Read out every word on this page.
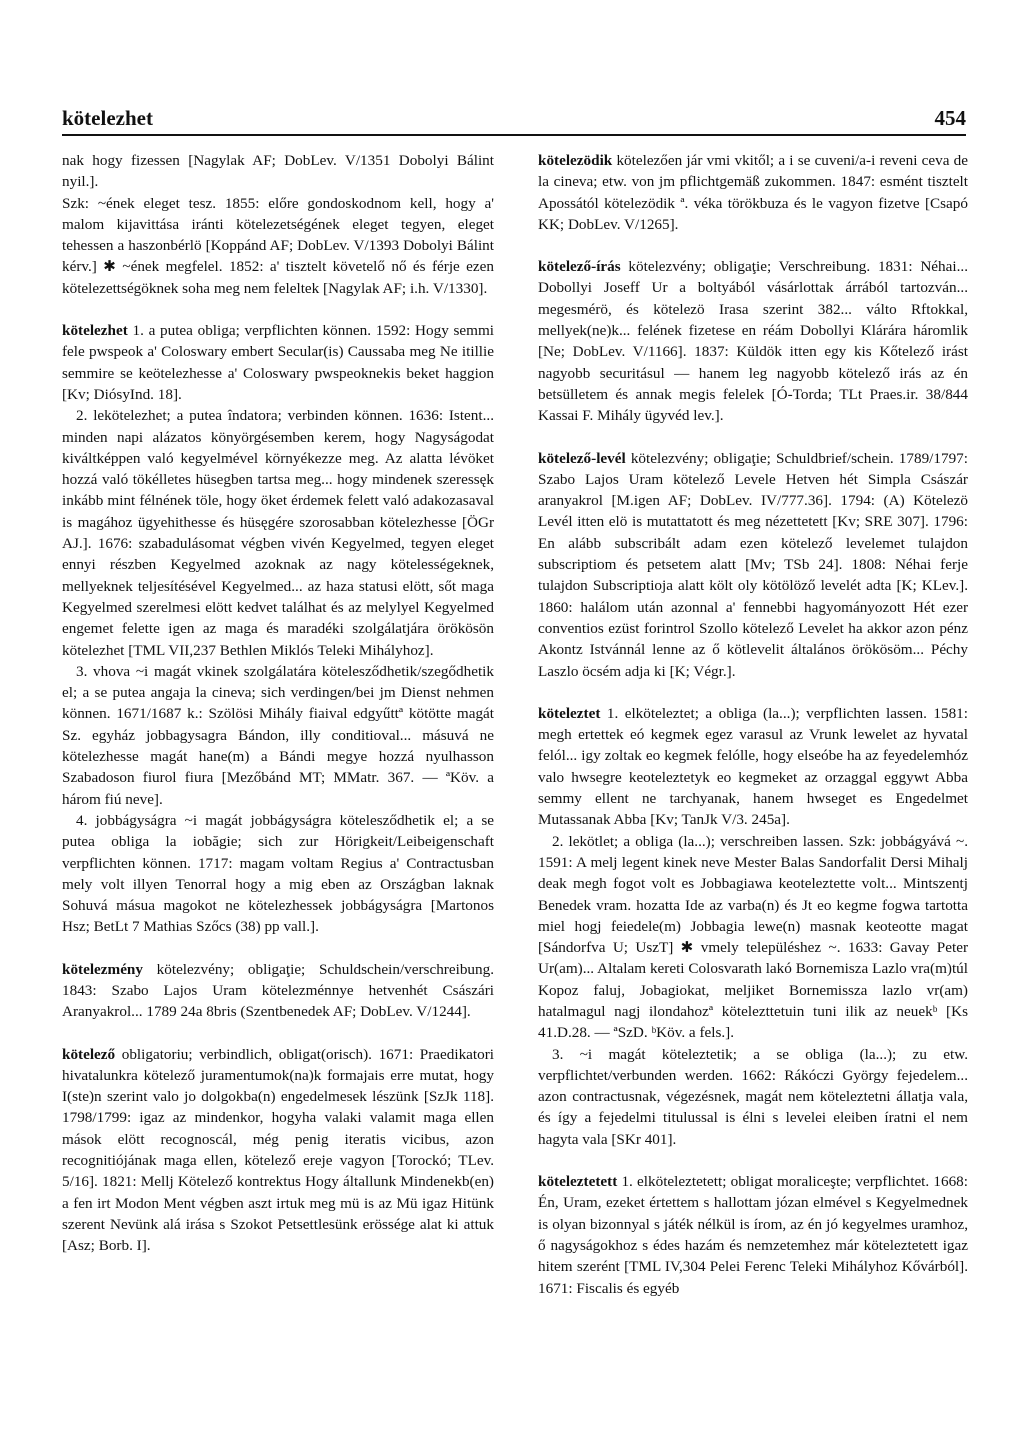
kötelezhet	454

nak hogy fizessen [Nagylak AF; DobLev. V/1351 Dobolyi Bálint nyil.].

Szk: ~ének eleget tesz. 1855: előre gondoskodnom kell, hogy a' malom kijavittása iránti kötelezetségének eleget tegyen, eleget tehessen a haszonbérlö [Koppánd AF; DobLev. V/1393 Dobolyi Bálint kérv.] ✱ ~ének megfelel. 1852: a' tisztelt követelő nő és férje ezen kötelezettségöknek soha meg nem feleltek [Nagylak AF; i.h. V/1330].

kötelezhet 1. a putea obliga; verpflichten können. 1592: Hogy semmi fele pwspeok a' Coloswary embert Secular(is) Caussaba meg Ne itillie semmire se keötelezhesse a' Coloswary pwspeoknekis beket haggion [Kv; DiósyInd. 18].

2. lekötelezhet; a putea îndatora; verbinden können. 1636: Istent... minden napi alázatos könyörgésemben kerem, hogy Nagyságodat kiváltképpen való kegyelmével környékezze meg. Az alatta lévöket hozzá való tökélletes hüsegben tartsa meg... hogy mindenek szeressęk inkább mint félnének töle, hogy öket érdemek felett való adakozasaval is magához ügyehithesse és hüsęgére szorosabban kötelezhesse [ÖGr AJ.]. 1676: szabadulásomat végben vivén Kegyelmed, tegyen eleget ennyi részben Kegyelmed azoknak az nagy kötelességeknek, mellyeknek teljesítésével Kegyelmed... az haza statusi elött, sőt maga Kegyelmed szerelmesi elött kedvet találhat és az melylyel Kegyelmed engemet felette igen az maga és maradéki szolgálatjára örökösön kötelezhet [TML VII,237 Bethlen Miklós Teleki Mihályhoz].

3. vhova ~i magát vkinek szolgálatára kötelesződhetik/szegődhetik el; a se putea angaja la cineva; sich verdingen/bei jm Dienst nehmen können. 1671/1687 k.: Szölösi Mihály fiaival edgyűttª kötötte magát Sz. egyház jobbagysagra Bándon, illy conditioval... másuvá ne kötelezhesse magát hane(m) a Bándi megye hozzá nyulhasson Szabadoson fiurol fiura [Mezőbánd MT; MMatr. 367. — ªKöv. a három fiú neve].

4. jobbágyságra ~i magát jobbágyságra kötelesződhetik el; a se putea obliga la iobăgie; sich zur Hörigkeit/Leibeigenschaft verpflichten können. 1717: magam voltam Regius a' Contractusban mely volt illyen Tenorral hogy a mig eben az Országban laknak Sohuvá másua magokot ne kötelezhessek jobbágyságra [Martonos Hsz; BetLt 7 Mathias Szőcs (38) pp vall.].

kötelezmény kötelezvény; obligaţie; Schuldschein/verschreibung. 1843: Szabo Lajos Uram kötelezménnye hetvenhét Császári Aranyakrol... 1789 24a 8bris (Szentbenedek AF; DobLev. V/1244].

kötelező obligatoriu; verbindlich, obligat(orisch). 1671: Praedikatori hivatalunkra kötelező juramentumok(na)k formajais erre mutat, hogy I(ste)n szerint valo jo dolgokba(n) engedelmesek lészünk [SzJk 118]. 1798/1799: igaz az mindenkor, hogyha valaki valamit maga ellen mások elött recognoscál, még penig iteratis vicibus, azon recognitiójának maga ellen, kötelező ereje vagyon [Torockó; TLev. 5/16]. 1821: Mellj Kötelező kontrektus Hogy általlunk Mindenekb(en) a fen irt Modon Ment végben aszt irtuk meg mü is az Mü igaz Hitünk szerent Nevünk alá irása s Szokot Petsettlesünk erössége alat ki attuk [Asz; Borb. I].

kötelezödik kötelezően jár vmi vkitől; a i se cuveni/a-i reveni ceva de la cineva; etw. von jm pflichtgemäß zukommen. 1847: esmént tisztelt Apossától kötelezödik ª. véka törökbuza és le vagyon fizetve [Csapó KK; DobLev. V/1265].

kötelező-írás kötelezvény; obligaţie; Verschreibung. 1831: Néhai... Dobollyi Joseff Ur a boltyából vásárlottak árrából tartozván... megesmérö, és kötelezö Irasa szerint 382... válto Rftokkal, mellyek(ne)k... felének fizetese en réám Dobollyi Klárára háromlik [Ne; DobLev. V/1166]. 1837: Küldök itten egy kis Kőtelező irást nagyobb securitásul — hanem leg nagyobb kötelező irás az én betsülletem és annak megis felelek [Ó-Torda; TLt Praes.ir. 38/844 Kassai F. Mihály ügyvéd lev.].

kötelező-levél kötelezvény; obligaţie; Schuldbrief/schein. 1789/1797: Szabo Lajos Uram kötelező Levele Hetven hét Simpla Császár aranyakrol [M.igen AF; DobLev. IV/777.36]. 1794: (A) Kötelezö Levél itten elö is mutattatott és meg nézettetett [Kv; SRE 307]. 1796: En alább subscribált adam ezen kötelező levelemet tulajdon subscriptiom és petsetem alatt [Mv; TSb 24]. 1808: Néhai ferje tulajdon Subscriptioja alatt költ oly kötölöző levelét adta [K; KLev.]. 1860: halálom után azonnal a' fennebbi hagyományozott Hét ezer conventios ezüst forintrol Szollo kötelező Levelet ha akkor azon pénz Akontz Istvánnál lenne az ő kötlevelit általános örökösöm... Péchy Laszlo öcsém adja ki [K; Végr.].

köteleztet 1. elköteleztet; a obliga (la...); verpflichten lassen. 1581: megh ertettek eó kegmek egez varasul az Vrunk lewelet az hyvatal felól... igy zoltak eo kegmek felólle, hogy elseóbe ha az feyedelemhóz valo hwsegre keoteleztetyk eo kegmeket az orzaggal eggywt Abba semmy ellent ne tarchyanak, hanem hwseget es Engedelmet Mutassanak Abba [Kv; TanJk V/3. 245a].

2. lekötlet; a obliga (la...); verschreiben lassen. Szk: jobbágyává ~. 1591: A melj legent kinek neve Mester Balas Sandorfalit Dersi Mihalj deak megh fogot volt es Jobbagiawa keoteleztette volt... Mintszentj Benedek vram. hozatta Ide az varba(n) és Jt eo kegme fogwa tartotta miel hogj feiedele(m) Jobbagia lewe(n) masnak keoteotte magat [Sándorfva U; UszT] ✱ vmely településhez ~. 1633: Gavay Peter Ur(am)... Altalam kereti Colosvarath lakó Bornemisza Lazlo vra(m)túl Kopoz faluj, Jobagiokat, meljiket Bornemissza lazlo vr(am) hatalmagul nagj ilondahozª kötelezttetuin tuni ilik az neuekᵇ [Ks 41.D.28. — ªSzD. ᵇKöv. a fels.].

3. ~i magát köteleztetik; a se obliga (la...); zu etw. verpflichtet/verbunden werden. 1662: Rákóczi György fejedelem... azon contractusnak, végezésnek, magát nem köteleztetni állatja vala, és így a fejedelmi titulussal is élni s levelei eleiben íratni el nem hagyta vala [SKr 401].

köteleztetett 1. elköteleztetett; obligat moraliceşte; verpflichtet. 1668: Én, Uram, ezeket értettem s hallottam józan elmével s Kegyelmednek is olyan bizonnyal s játék nélkül is írom, az én jó kegyelmes uramhoz, ő nagyságokhoz s édes hazám és nemzetemhez már köteleztetett igaz hitem szerént [TML IV,304 Pelei Ferenc Teleki Mihályhoz Kővárból]. 1671: Fiscalis és egyéb
